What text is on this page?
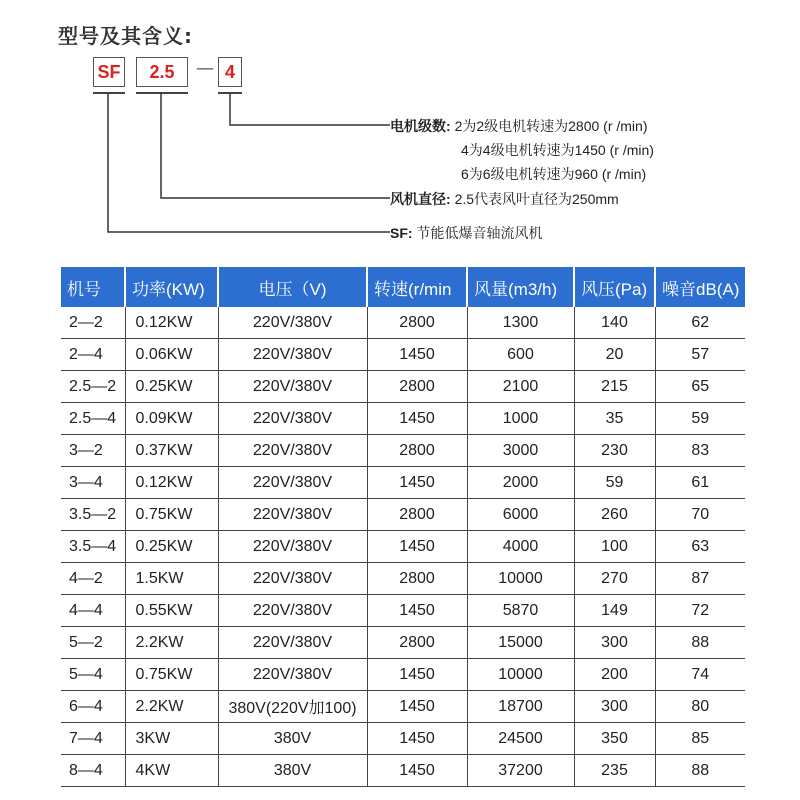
型号及其含义:
SF	2.5	— 4
电机级数: 2为2级电机转速为2800 (r /min)
4为4级电机转速为1450 (r /min)
6为6级电机转速为960 (r /min)
风机直径: 2.5代表风叶直径为250mm
SF: 节能低爆音轴流风机
机号	功率(KW)	电压（V)	转速(r/min	风量(m3/h)	风压(Pa)	噪音dB(A)
2—2	0.12KW	220V/380V	2800	1300	140	62
2—4	0.06KW	220V/380V	1450	600	20	57
2.5—2	0.25KW	220V/380V	2800	2100	215	65
2.5—4	0.09KW	220V/380V	1450	1000	35	59
3—2	0.37KW	220V/380V	2800	3000	230	83
3—4	0.12KW	220V/380V	1450	2000	59	61
3.5—2	0.75KW	220V/380V	2800	6000	260	70
3.5—4	0.25KW	220V/380V	1450	4000	100	63
4—2	1.5KW	220V/380V	2800	10000	270	87
4—4	0.55KW	220V/380V	1450	5870	149	72
5—2	2.2KW	220V/380V	2800	15000	300	88
5—4	0.75KW	220V/380V	1450	10000	200	74
6—4	2.2KW	380V(220V加100)	1450	18700	300	80
7—4	3KW	380V	1450	24500	350	85
8—4	4KW	380V	1450	37200	235	88
